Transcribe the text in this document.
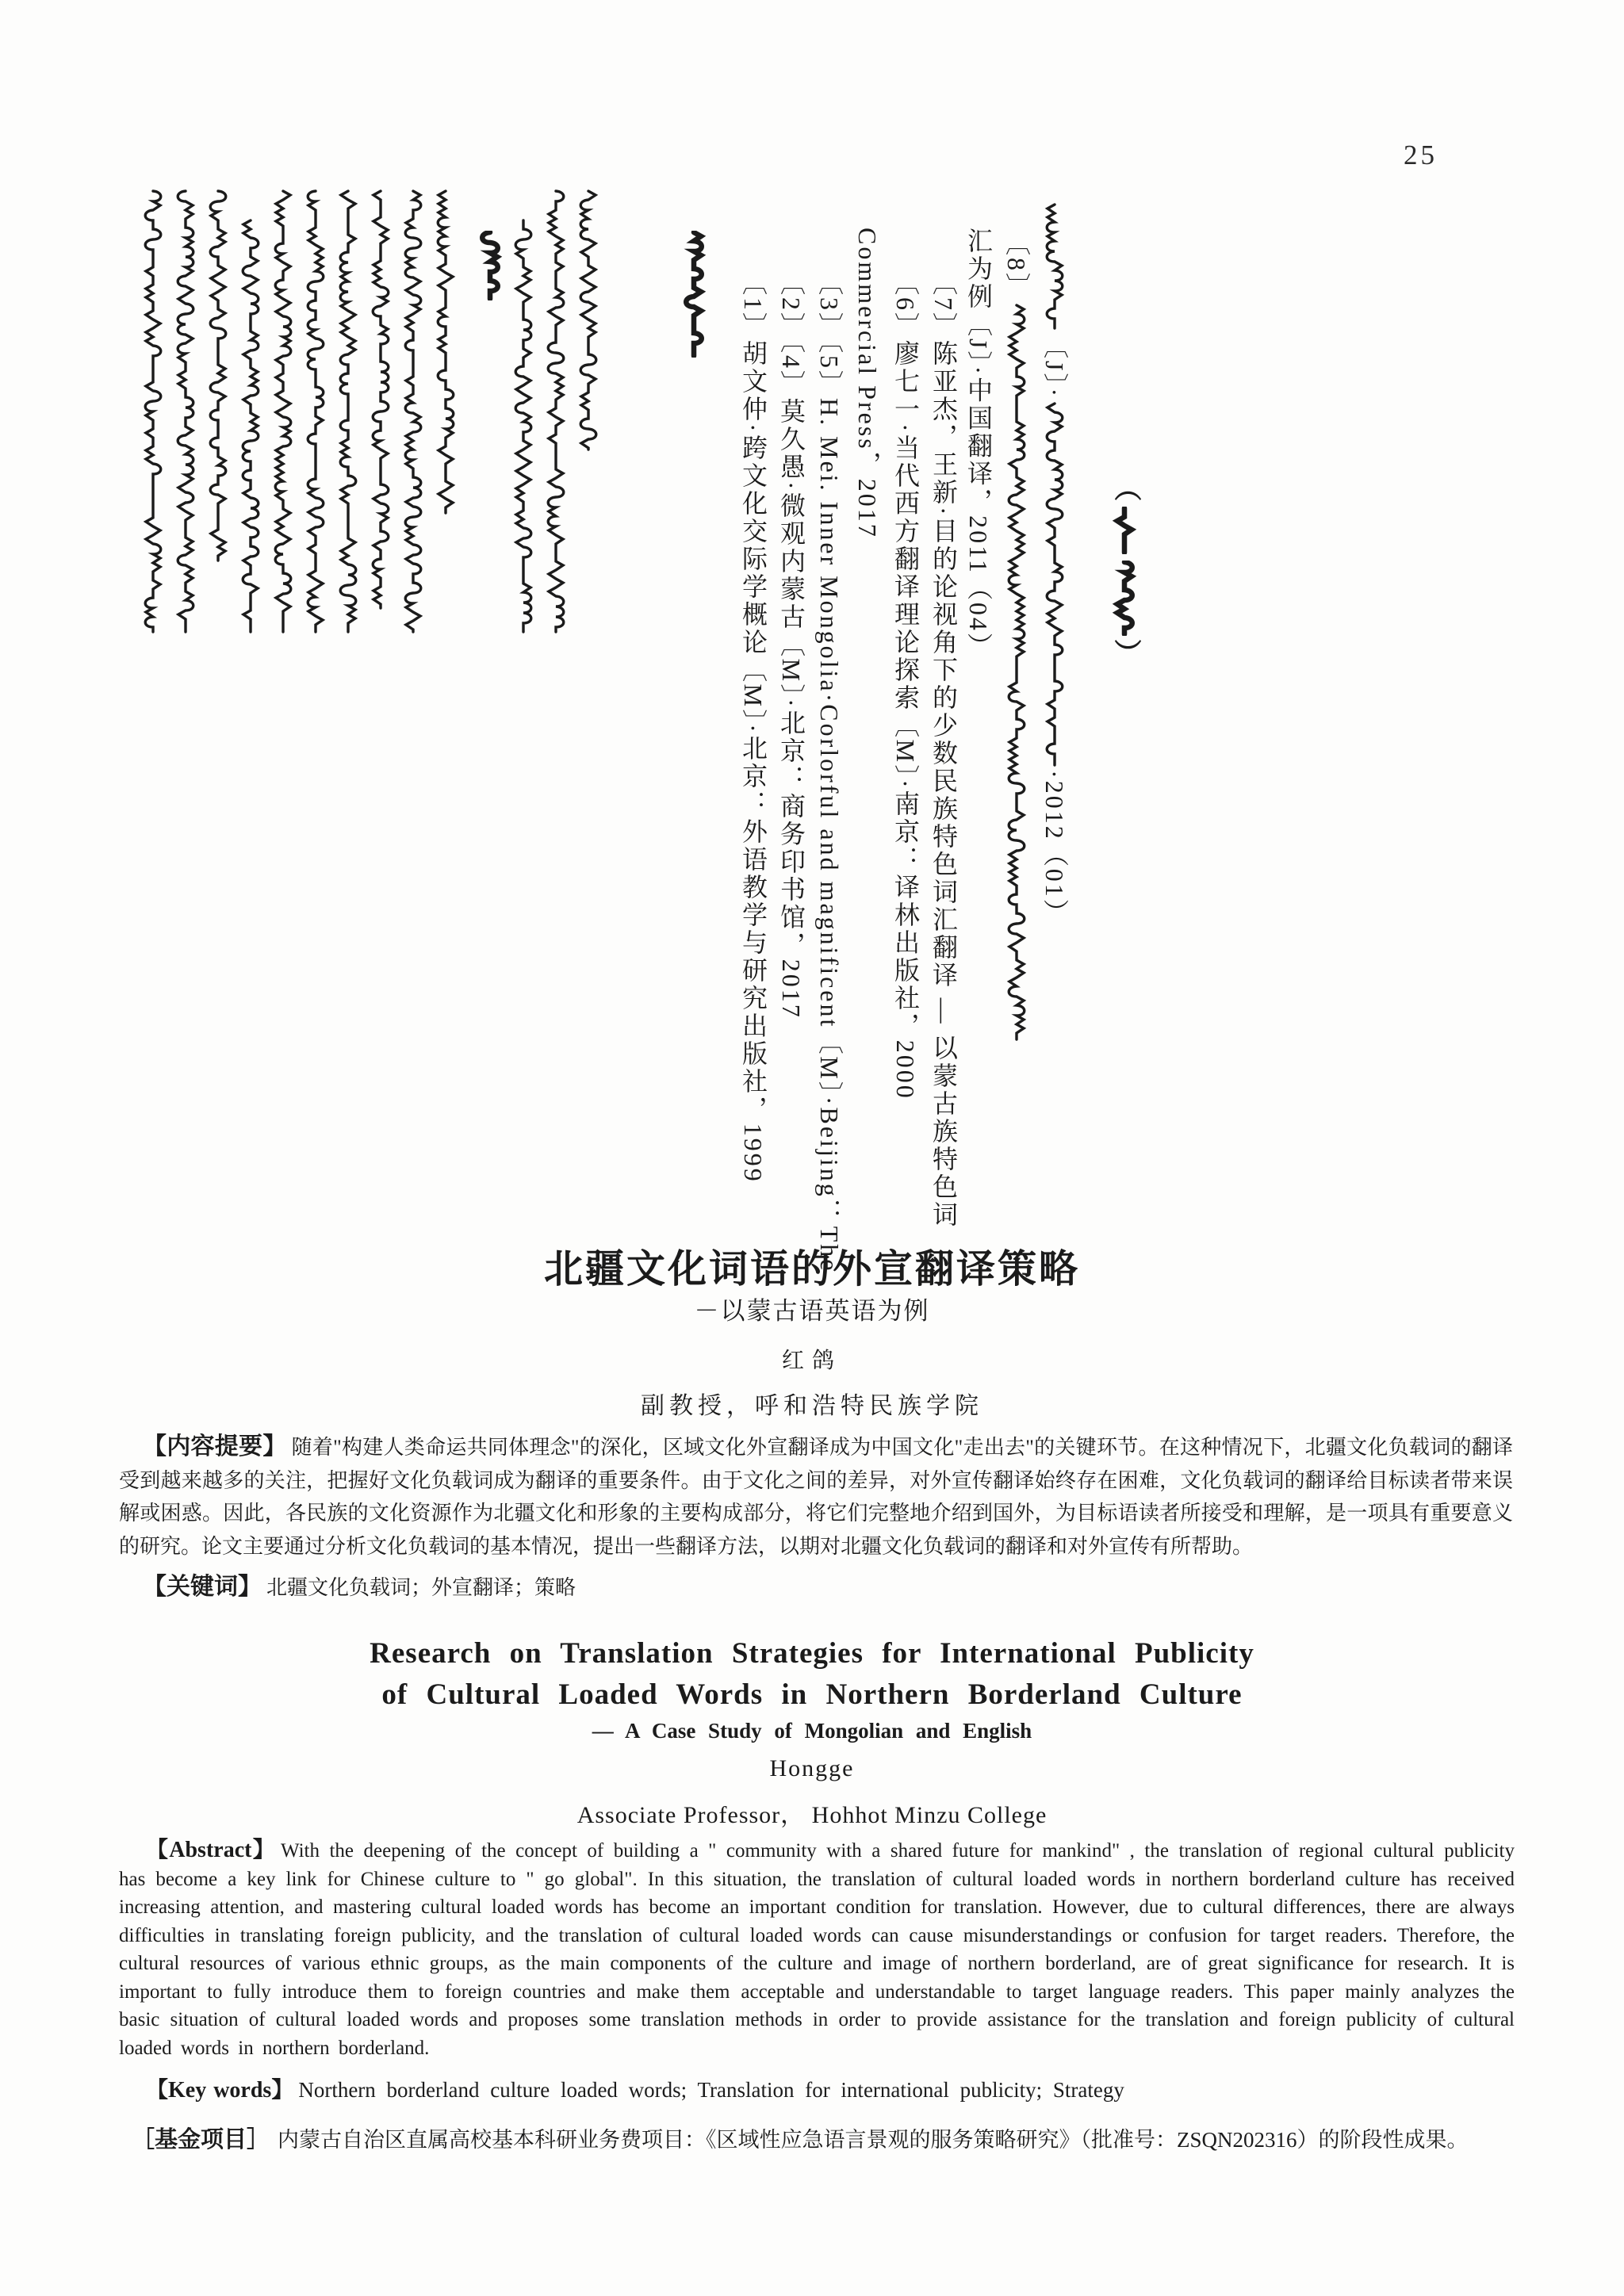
25
〔1〕胡文仲·跨文化交际学概论〔M〕·北京：外语教学与研究出版社，1999 〔2〕〔4〕莫久愚·微观内蒙古〔M〕·北京：商务印书馆，2017 〔3〕〔5〕H. Mei. Inner Mongolia·Corlorful and magnificent〔M〕·Beijing：The Commercial Press，2017 〔6〕廖七一·当代西方翻译理论探索〔M〕·南京：译林出版社，2000 〔7〕陈亚杰，王新·目的论视角下的少数民族特色词汇翻译 — 以蒙古族特色词 汇为例〔J〕·中国翻译，2011（04） 〔8〕
〔J〕··2012（01）
（）
北疆文化词语的外宣翻译策略
－以蒙古语英语为例
红鸽
副教授，呼和浩特民族学院

【内容提要】 随着"构建人类命运共同体理念"的深化，区域文化外宣翻译成为中国文化"走出去"的关键环节。在这种情况下，北疆文化负载词的翻译受到越来越多的关注，把握好文化负载词成为翻译的重要条件。由于文化之间的差异，对外宣传翻译始终存在困难，文化负载词的翻译给目标读者带来误解或困惑。因此，各民族的文化资源作为北疆文化和形象的主要构成部分，将它们完整地介绍到国外，为目标语读者所接受和理解，是一项具有重要意义的研究。论文主要通过分析文化负载词的基本情况，提出一些翻译方法，以期对北疆文化负载词的翻译和对外宣传有所帮助。

【关键词】 北疆文化负载词；外宣翻译；策略

Research on Translation Strategies for International Publicity
of Cultural Loaded Words in Northern Borderland Culture
— A Case Study of Mongolian and English
Hongge
Associate Professor， Hohhot Minzu College

【Abstract】 With the deepening of the concept of building a " community with a shared future for mankind" , the translation of regional cultural publicity has become a key link for Chinese culture to " go global". In this situation, the translation of cultural loaded words in northern borderland culture has received increasing attention, and mastering cultural loaded words has become an important condition for translation. However, due to cultural differences, there are always difficulties in translating foreign publicity, and the translation of cultural loaded words can cause misunderstandings or confusion for target readers. Therefore, the cultural resources of various ethnic groups, as the main components of the culture and image of northern borderland, are of great significance for research. It is important to fully introduce them to foreign countries and make them acceptable and understandable to target language readers. This paper mainly analyzes the basic situation of cultural loaded words and proposes some translation methods in order to provide assistance for the translation and foreign publicity of cultural loaded words in northern borderland.

【Key words】 Northern borderland culture loaded words; Translation for international publicity; Strategy

［基金项目］ 内蒙古自治区直属高校基本科研业务费项目：《区域性应急语言景观的服务策略研究》（批准号：ZSQN202316）的阶段性成果。
